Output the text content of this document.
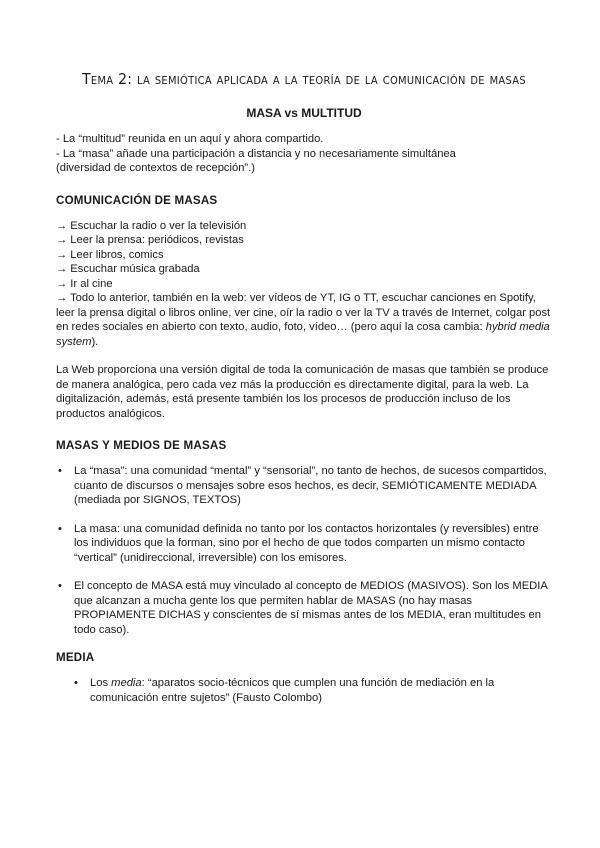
Tema 2: la semiótica aplicada a la teoría de la comunicación de masas
MASA vs MULTITUD
- La “multitud” reunida en un aquí y ahora compartido.
- La “masa” añade una participación a distancia y no necesariamente simultánea
(diversidad de contextos de recepción”.)
COMUNICACIÓN DE MASAS
→ Escuchar la radio o ver la televisión
→ Leer la prensa: periódicos, revistas
→ Leer libros, comics
→ Escuchar música grabada
→ Ir al cine

→ Todo lo anterior, también en la web: ver vídeos de YT, IG o TT, escuchar canciones en Spotify, leer la prensa digital o libros online, ver cine, oír la radio o ver la TV a través de Internet, colgar post en redes sociales en abierto con texto, audio, foto, vídeo… (pero aquí la cosa cambia: hybrid media system).

La Web proporciona una versión digital de toda la comunicación de masas que también se produce de manera analógica, pero cada vez más la producción es directamente digital, para la web. La digitalización, además, está presente también los los procesos de producción incluso de los productos analógicos.

MASAS Y MEDIOS DE MASAS
• La “masa”: una comunidad “mental” y “sensorial”, no tanto de hechos, de sucesos compartidos, cuanto de discursos o mensajes sobre esos hechos, es decir, SEMIÓTICAMENTE MEDIADA (mediada por SIGNOS, TEXTOS)
• La masa: una comunidad definida no tanto por los contactos horizontales (y reversibles) entre los individuos que la forman, sino por el hecho de que todos comparten un mismo contacto “vertical” (unidireccional, irreversible) con los emisores.
• El concepto de MASA está muy vinculado al concepto de MEDIOS (MASIVOS). Son los MEDIA que alcanzan a mucha gente los que permiten hablar de MASAS (no hay masas PROPIAMENTE DICHAS y conscientes de sí mismas antes de los MEDIA, eran multitudes en todo caso).
MEDIA
• Los media: “aparatos socio-técnicos que cumplen una función de mediación en la comunicación entre sujetos” (Fausto Colombo)
